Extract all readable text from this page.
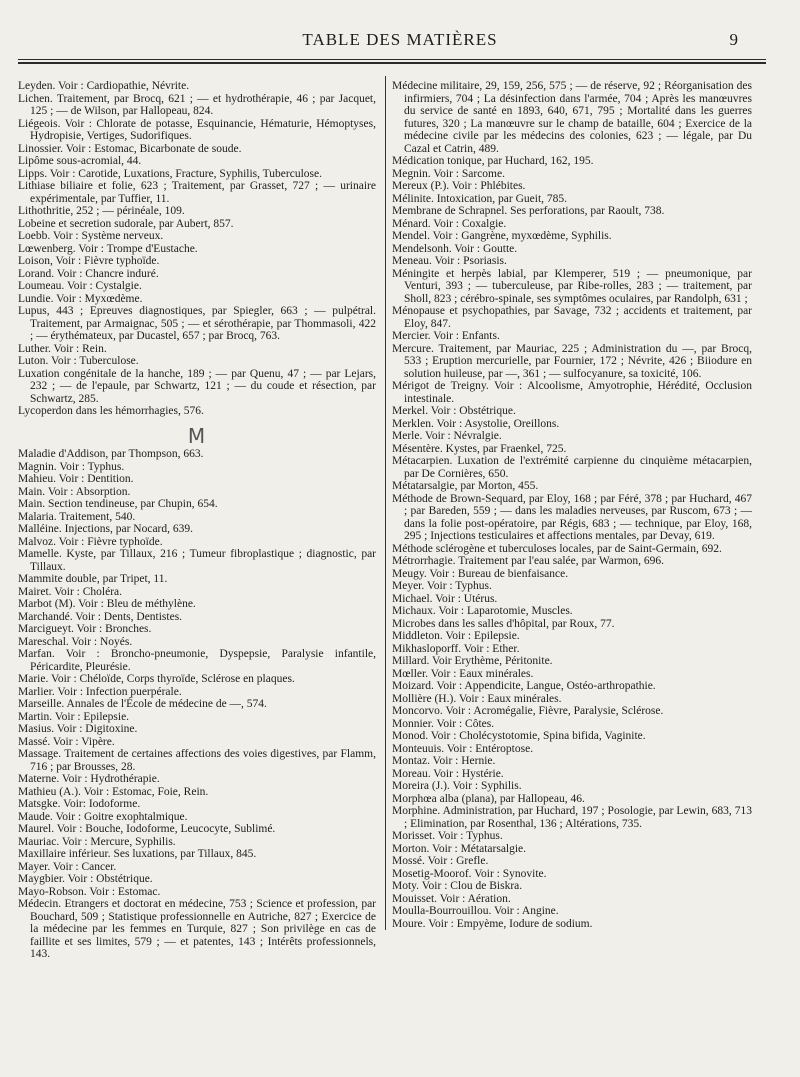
TABLE DES MATIÈRES	9

Leyden. Voir : Cardiopathie, Névrite.

Lichen. Traitement, par Brocq, 621 ; — et hydrothérapie, 46 ; par Jacquet, 125 ; — de Wilson, par Hallopeau, 824.

Liégeois. Voir : Chlorate de potasse, Esquinancie, Hématurie, Hémoptyses, Hydropisie, Vertiges, Sudorifiques.

Linossier. Voir : Estomac, Bicarbonate de soude.

Lipôme sous-acromial, 44.

Lipps. Voir : Carotide, Luxations, Fracture, Syphilis, Tuberculose.

Lithiase biliaire et folie, 623 ; Traitement, par Grasset, 727 ; — urinaire expérimentale, par Tuffier, 11.

Lithothritie, 252 ; — périnéale, 109.

Lobeine et secretion sudorale, par Aubert, 857.

Loebb. Voir : Système nerveux.

Lœwenberg. Voir : Trompe d'Eustache.

Loison, Voir : Fièvre typhoïde.

Lorand. Voir : Chancre induré.

Loumeau. Voir : Cystalgie.

Lundie. Voir : Myxœdème.

Lupus, 443 ; Epreuves diagnostiques, par Spiegler, 663 ; — pulpétral. Traitement, par Armaignac, 505 ; — et sérothérapie, par Thommasoli, 422 ; — érythémateux, par Ducastel, 657 ; par Brocq, 763.

Luther. Voir : Rein.

Luton. Voir : Tuberculose.

Luxation congénitale de la hanche, 189 ; — par Quenu, 47 ; — par Lejars, 232 ; — de l'epaule, par Schwartz, 121 ; — du coude et résection, par Schwartz, 285.

Lycoperdon dans les hémorrhagies, 576.

M

Maladie d'Addison, par Thompson, 663.

Magnin. Voir : Typhus.

Mahieu. Voir : Dentition.

Main. Voir : Absorption.

Main. Section tendineuse, par Chupin, 654.

Malaria. Traitement, 540.

Malléine. Injections, par Nocard, 639.

Malvoz. Voir : Fièvre typhoïde.

Mamelle. Kyste, par Tillaux, 216 ; Tumeur fibroplastique ; diagnostic, par Tillaux.

Mammite double, par Tripet, 11.

Mairet. Voir : Choléra.

Marbot (M). Voir : Bleu de méthylène.

Marchandé. Voir : Dents, Dentistes.

Marcigueyt. Voir : Bronches.

Mareschal. Voir : Noyés.

Marfan. Voir : Broncho-pneumonie, Dyspepsie, Paralysie infantile, Péricardite, Pleurésie.

Marie. Voir : Chéloïde, Corps thyroïde, Sclérose en plaques.

Marlier. Voir : Infection puerpérale.

Marseille. Annales de l'École de médecine de —, 574.

Martin. Voir : Epilepsie.

Masius. Voir : Digitoxine.

Massé. Voir : Vipère.

Massage. Traitement de certaines affections des voies digestives, par Flamm, 716 ; par Brousses, 28.

Materne. Voir : Hydrothérapie.

Mathieu (A.). Voir : Estomac, Foie, Rein.

Matsgke. Voir: Iodoforme.

Maude. Voir : Goitre exophtalmique.

Maurel. Voir : Bouche, Iodoforme, Leucocyte, Sublimé.

Mauriac. Voir : Mercure, Syphilis.

Maxillaire inférieur. Ses luxations, par Tillaux, 845.

Mayer. Voir : Cancer.

Maygbier. Voir : Obstétrique.

Mayo-Robson. Voir : Estomac.

Médecin. Etrangers et doctorat en médecine, 753 ; Science et profession, par Bouchard, 509 ; Statistique professionnelle en Autriche, 827 ; Exercice de la médecine par les femmes en Turquie, 827 ; Son privilège en cas de faillite et ses limites, 579 ; — et patentes, 143 ; Intérêts professionnels, 143.

Médecine militaire, 29, 159, 256, 575 ; — de réserve, 92 ; Réorganisation des infirmiers, 704 ; La désinfection dans l'armée, 704 ; Après les manœuvres du service de santé en 1893, 640, 671, 795 ; Mortalité dans les guerres futures, 320 ; La manœuvre sur le champ de bataille, 604 ; Exercice de la médecine civile par les médecins des colonies, 623 ; — légale, par Du Cazal et Catrin, 489.

Médication tonique, par Huchard, 162, 195.

Megnin. Voir : Sarcome.

Mereux (P.). Voir : Phlébites.

Mélinite. Intoxication, par Gueit, 785.

Membrane de Schrapnel. Ses perforations, par Raoult, 738.

Ménard. Voir : Coxalgie.

Mendel. Voir : Gangrène, myxœdème, Syphilis.

Mendelsonh. Voir : Goutte.

Meneau. Voir : Psoriasis.

Méningite et herpès labial, par Klemperer, 519 ; — pneumonique, par Venturi, 393 ; — tuberculeuse, par Ribe-rolles, 283 ; — traitement, par Sholl, 823 ; cérébro-spinale, ses symptômes oculaires, par Randolph, 631 ;

Ménopause et psychopathies, par Savage, 732 ; accidents et traitement, par Eloy, 847.

Mercier. Voir : Enfants.

Mercure. Traitement, par Mauriac, 225 ; Administration du —, par Brocq, 533 ; Eruption mercurielle, par Fournier, 172 ; Névrite, 426 ; Biiodure en solution huileuse, par —, 361 ; — sulfocyanure, sa toxicité, 106.

Mérigot de Treigny. Voir : Alcoolisme, Amyotrophie, Hérédité, Occlusion intestinale.

Merkel. Voir : Obstétrique.

Merklen. Voir : Asystolie, Oreillons.

Merle. Voir : Névralgie.

Mésentère. Kystes, par Fraenkel, 725.

Métacarpien. Luxation de l'extrémité carpienne du cinquième métacarpien, par De Cornières, 650.

Métatarsalgie, par Morton, 455.

Méthode de Brown-Sequard, par Eloy, 168 ; par Féré, 378 ; par Huchard, 467 ; par Bareden, 559 ; — dans les maladies nerveuses, par Ruscom, 673 ; — dans la folie post-opératoire, par Régis, 683 ; — technique, par Eloy, 168, 295 ; Injections testiculaires et affections mentales, par Devay, 619.

Méthode sclérogène et tuberculoses locales, par de Saint-Germain, 692.

Métrorrhagie. Traitement par l'eau salée, par Warmon, 696.

Meugy. Voir : Bureau de bienfaisance.

Meyer. Voir : Typhus.

Michael. Voir : Utérus.

Michaux. Voir : Laparotomie, Muscles.

Microbes dans les salles d'hôpital, par Roux, 77.

Middleton. Voir : Epilepsie.

Mikhasloporff. Voir : Ether.

Millard. Voir Erythème, Péritonite.

Mœller. Voir : Eaux minérales.

Moizard. Voir : Appendicite, Langue, Ostéo-arthropathie.

Mollière (H.). Voir : Eaux minérales.

Moncorvo. Voir : Acromégalie, Fièvre, Paralysie, Sclérose.

Monnier. Voir : Côtes.

Monod. Voir : Cholécystotomie, Spina bifida, Vaginite.

Monteuuis. Voir : Entéroptose.

Montaz. Voir : Hernie.

Moreau. Voir : Hystérie.

Moreira (J.). Voir : Syphilis.

Morphœa alba (plana), par Hallopeau, 46.

Morphine. Administration, par Huchard, 197 ; Posologie, par Lewin, 683, 713 ; Elimination, par Rosenthal, 136 ; Altérations, 735.

Morisset. Voir : Typhus.

Morton. Voir : Métatarsalgie.

Mossé. Voir : Grefle.

Mosetig-Moorof. Voir : Synovite.

Moty. Voir : Clou de Biskra.

Mouisset. Voir : Aération.

Moulla-Bourrouillou. Voir : Angine.

Moure. Voir : Empyème, Iodure de sodium.
